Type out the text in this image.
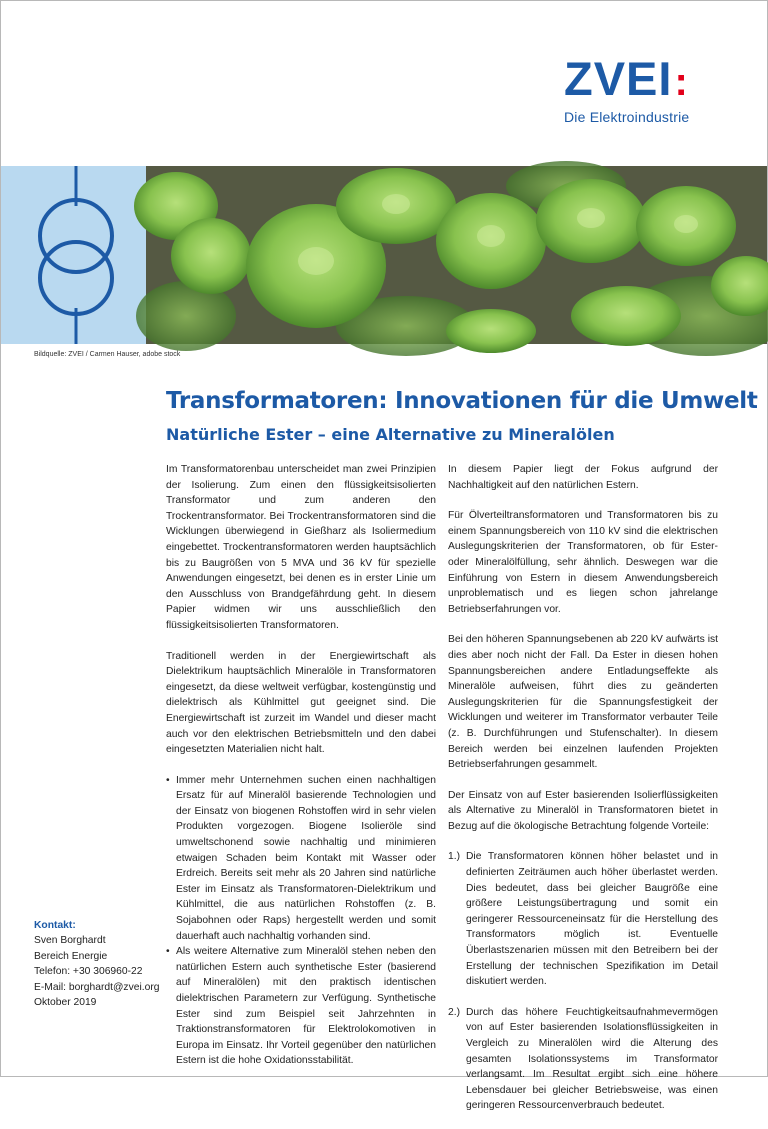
ZVEI:
Die Elektroindustrie
Bildquelle: ZVEI / Carmen Hauser, adobe stock
Transformatoren: Innovationen für die Umwelt
Natürliche Ester – eine Alternative zu Mineralölen

Im Transformatorenbau unterscheidet man zwei Prinzipien der Isolierung. Zum einen den flüssigkeitsisolierten Transformator und zum anderen den Trockentransformator. Bei Trockentransformatoren sind die Wicklungen überwiegend in Gießharz als Isoliermedium eingebettet. Trockentransformatoren werden hauptsächlich bis zu Baugrößen von 5 MVA und 36 kV für spezielle Anwendungen eingesetzt, bei denen es in erster Linie um den Ausschluss von Brandgefährdung geht. In diesem Papier widmen wir uns ausschließlich den flüssigkeitsisolierten Transformatoren.

Traditionell werden in der Energiewirtschaft als Dielektrikum hauptsächlich Mineralöle in Transformatoren eingesetzt, da diese weltweit verfügbar, kostengünstig und dielektrisch als Kühlmittel gut geeignet sind. Die Energiewirtschaft ist zurzeit im Wandel und dieser macht auch vor den elektrischen Betriebsmitteln und den dabei eingesetzten Materialien nicht halt.

• Immer mehr Unternehmen suchen einen nachhaltigen Ersatz für auf Mineralöl basierende Technologien und der Einsatz von biogenen Rohstoffen wird in sehr vielen Produkten vorgezogen. Biogene Isolieröle sind umweltschonend sowie nachhaltig und minimieren etwaigen Schaden beim Kontakt mit Wasser oder Erdreich. Bereits seit mehr als 20 Jahren sind natürliche Ester im Einsatz als Transformatoren-Dielektrikum und Kühlmittel, die aus natürlichen Rohstoffen (z. B. Sojabohnen oder Raps) hergestellt werden und somit dauerhaft auch nachhaltig vorhanden sind.
• Als weitere Alternative zum Mineralöl stehen neben den natürlichen Estern auch synthetische Ester (basierend auf Mineralölen) mit den praktisch identischen dielektrischen Parametern zur Verfügung. Synthetische Ester sind zum Beispiel seit Jahrzehnten in Traktionstransformatoren für Elektrolokomotiven in Europa im Einsatz. Ihr Vorteil gegenüber den natürlichen Estern ist die hohe Oxidationsstabilität.

In diesem Papier liegt der Fokus aufgrund der Nachhaltigkeit auf den natürlichen Estern.

Für Ölverteiltransformatoren und Transformatoren bis zu einem Spannungsbereich von 110 kV sind die elektrischen Auslegungskriterien der Transformatoren, ob für Ester- oder Mineralölfüllung, sehr ähnlich. Deswegen war die Einführung von Estern in diesem Anwendungsbereich unproblematisch und es liegen schon jahrelange Betriebserfahrungen vor.

Bei den höheren Spannungsebenen ab 220 kV aufwärts ist dies aber noch nicht der Fall. Da Ester in diesen hohen Spannungsbereichen andere Entladungseffekte als Mineralöle aufweisen, führt dies zu geänderten Auslegungskriterien für die Spannungsfestigkeit der Wicklungen und weiterer im Transformator verbauter Teile (z. B. Durchführungen und Stufenschalter). In diesem Bereich werden bei einzelnen laufenden Projekten Betriebserfahrungen gesammelt.

Der Einsatz von auf Ester basierenden Isolierflüssigkeiten als Alternative zu Mineralöl in Transformatoren bietet in Bezug auf die ökologische Betrachtung folgende Vorteile:

1.) Die Transformatoren können höher belastet und in definierten Zeiträumen auch höher überlastet werden. Dies bedeutet, dass bei gleicher Baugröße eine größere Leistungsübertragung und somit ein geringerer Ressourceneinsatz für die Herstellung des Transformators möglich ist. Eventuelle Überlastszenarien müssen mit den Betreibern bei der Erstellung der technischen Spezifikation im Detail diskutiert werden.
2.) Durch das höhere Feuchtigkeitsaufnahmevermögen von auf Ester basierenden Isolationsflüssigkeiten in Vergleich zu Mineralölen wird die Alterung des gesamten Isolationssystems im Transformator verlangsamt. Im Resultat ergibt sich eine höhere Lebensdauer bei gleicher Betriebsweise, was einen geringeren Ressourcenverbrauch bedeutet.
Kontakt:
Sven Borghardt
Bereich Energie
Telefon: +30 306960-22
E-Mail: borghardt@zvei.org
Oktober 2019
